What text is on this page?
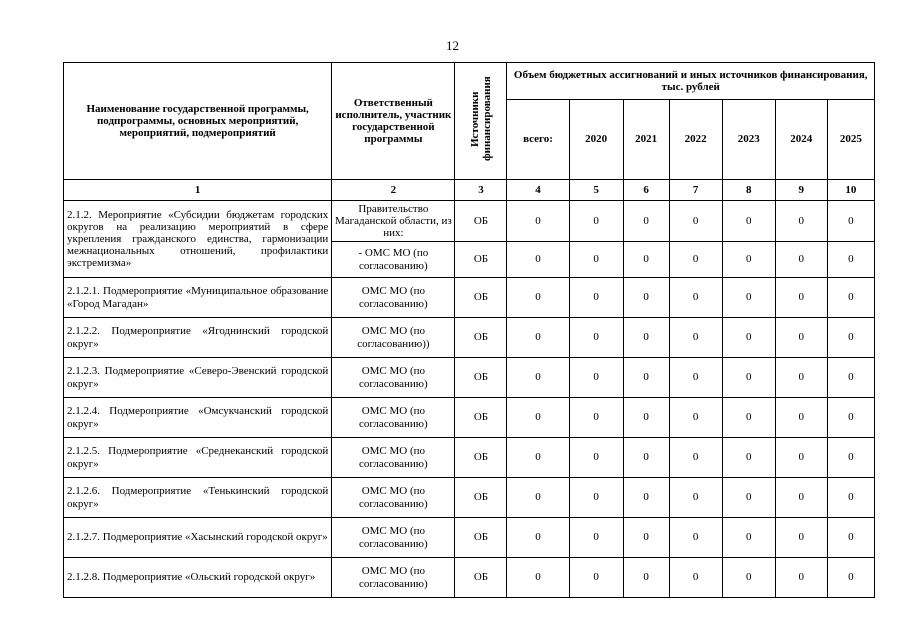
12
Наименование государственной программы, подпрограммы, основных мероприятий, мероприятий, подмероприятий	Ответственный исполнитель, участник государственной программы	Источники финансирования	Объем бюджетных ассигнований и иных источников финансирования, тыс. рублей						
			всего:	2020	2021	2022	2023	2024	2025
1	2	3	4	5	6	7	8	9	10
2.1.2. Мероприятие «Субсидии бюджетам городских округов на реализацию мероприятий в сфере укрепления гражданского единства, гармонизации межнациональных отношений, профилактики экстремизма»	Правительство Магаданской области, из них:	ОБ	0	0	0	0	0	0	0
	- ОМС МО (по согласованию)	ОБ	0	0	0	0	0	0	0
2.1.2.1. Подмероприятие «Муниципальное образование «Город Магадан»	ОМС МО (по согласованию)	ОБ	0	0	0	0	0	0	0
2.1.2.2. Подмероприятие «Ягоднинский городской округ»	ОМС МО (по согласованию))	ОБ	0	0	0	0	0	0	0
2.1.2.3. Подмероприятие «Северо-Эвенский городской округ»	ОМС МО (по согласованию)	ОБ	0	0	0	0	0	0	0
2.1.2.4. Подмероприятие «Омсукчанский городской округ»	ОМС МО (по согласованию)	ОБ	0	0	0	0	0	0	0
2.1.2.5. Подмероприятие «Среднеканский городской округ»	ОМС МО (по согласованию)	ОБ	0	0	0	0	0	0	0
2.1.2.6. Подмероприятие «Тенькинский городской округ»	ОМС МО (по согласованию)	ОБ	0	0	0	0	0	0	0
2.1.2.7. Подмероприятие «Хасынский городской округ»	ОМС МО (по согласованию)	ОБ	0	0	0	0	0	0	0
2.1.2.8. Подмероприятие «Ольский городской округ»	ОМС МО (по согласованию)	ОБ	0	0	0	0	0	0	0
